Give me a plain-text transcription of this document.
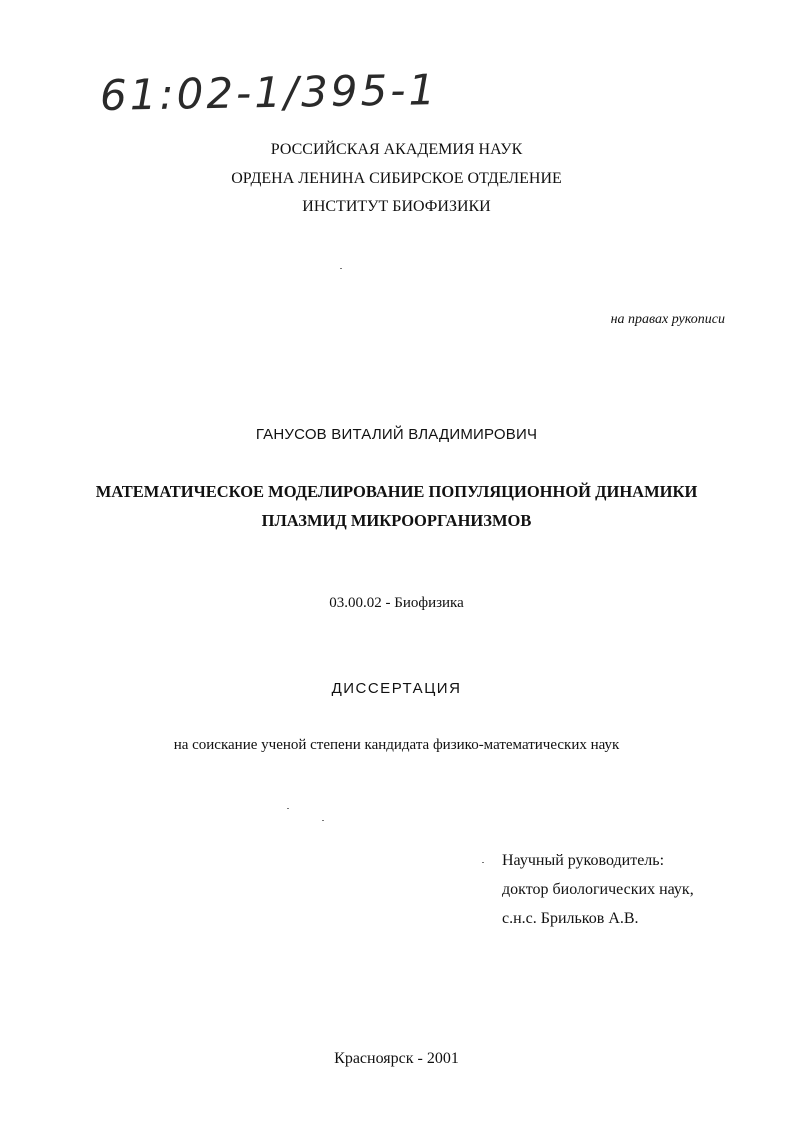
61:02-1/395-1
РОССИЙСКАЯ АКАДЕМИЯ НАУК
ОРДЕНА ЛЕНИНА СИБИРСКОЕ ОТДЕЛЕНИЕ
ИНСТИТУТ БИОФИЗИКИ
на правах рукописи
ГАНУСОВ ВИТАЛИЙ ВЛАДИМИРОВИЧ
МАТЕМАТИЧЕСКОЕ МОДЕЛИРОВАНИЕ ПОПУЛЯЦИОННОЙ ДИНАМИКИ
ПЛАЗМИД МИКРООРГАНИЗМОВ
03.00.02 - Биофизика
ДИССЕРТАЦИЯ
на соискание ученой степени кандидата физико-математических наук
Научный руководитель:
доктор биологических наук,
с.н.с. Брильков А.В.
Красноярск - 2001
